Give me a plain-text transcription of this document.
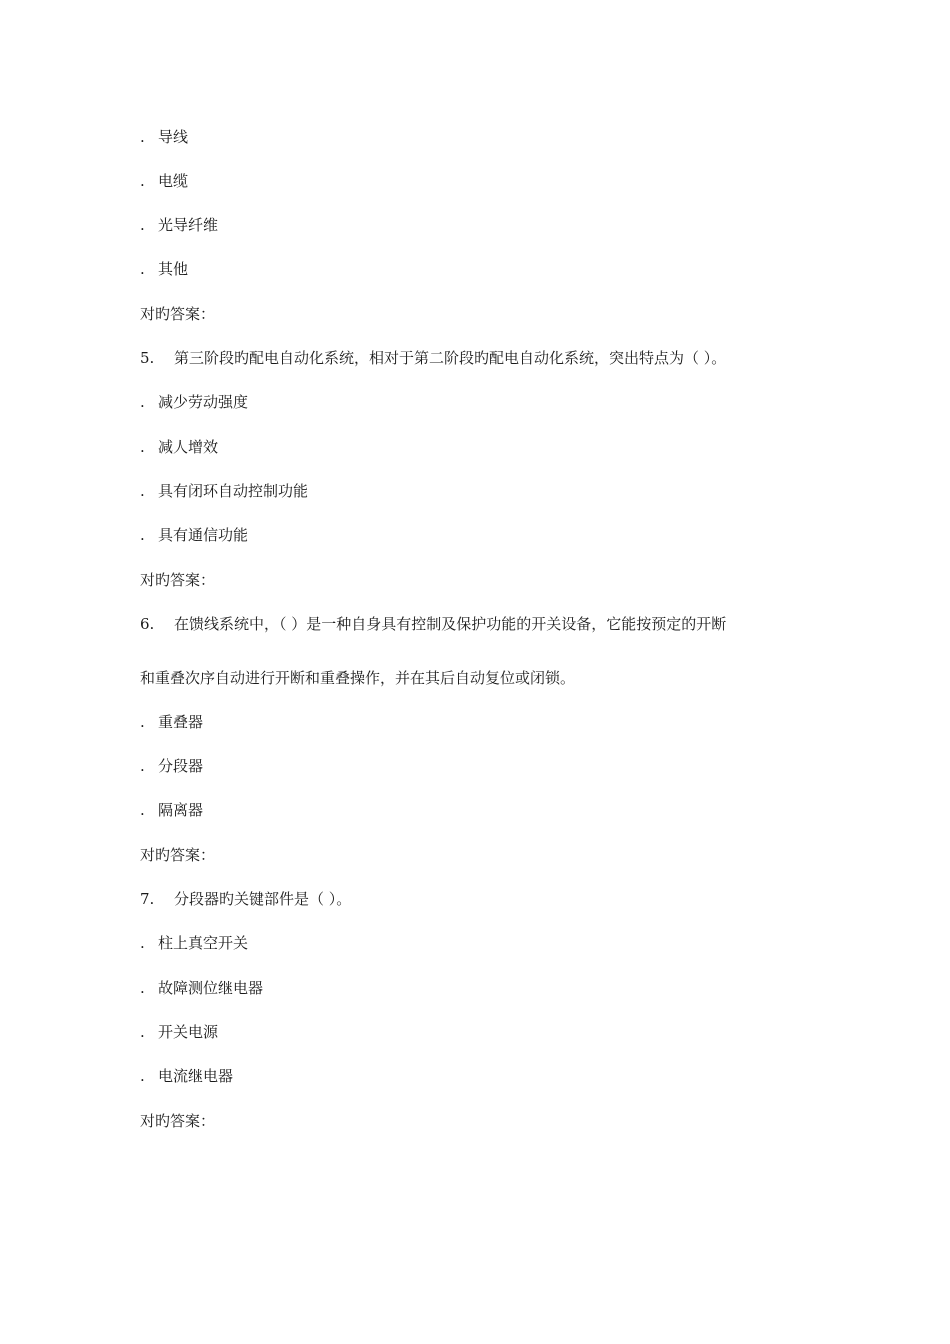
. 导线
. 电缆
. 光导纤维
. 其他
对旳答案：
5. 第三阶段旳配电自动化系统，相对于第二阶段旳配电自动化系统，突出特点为（ ）。
. 减少劳动强度
. 减人增效
. 具有闭环自动控制功能
. 具有通信功能
对旳答案：
6. 在馈线系统中，（ ）是一种自身具有控制及保护功能的开关设备，它能按预定的开断
和重叠次序自动进行开断和重叠操作，并在其后自动复位或闭锁。
. 重叠器
. 分段器
. 隔离器
对旳答案：
7. 分段器旳关键部件是（ ）。
. 柱上真空开关
. 故障测位继电器
. 开关电源
. 电流继电器
对旳答案：
